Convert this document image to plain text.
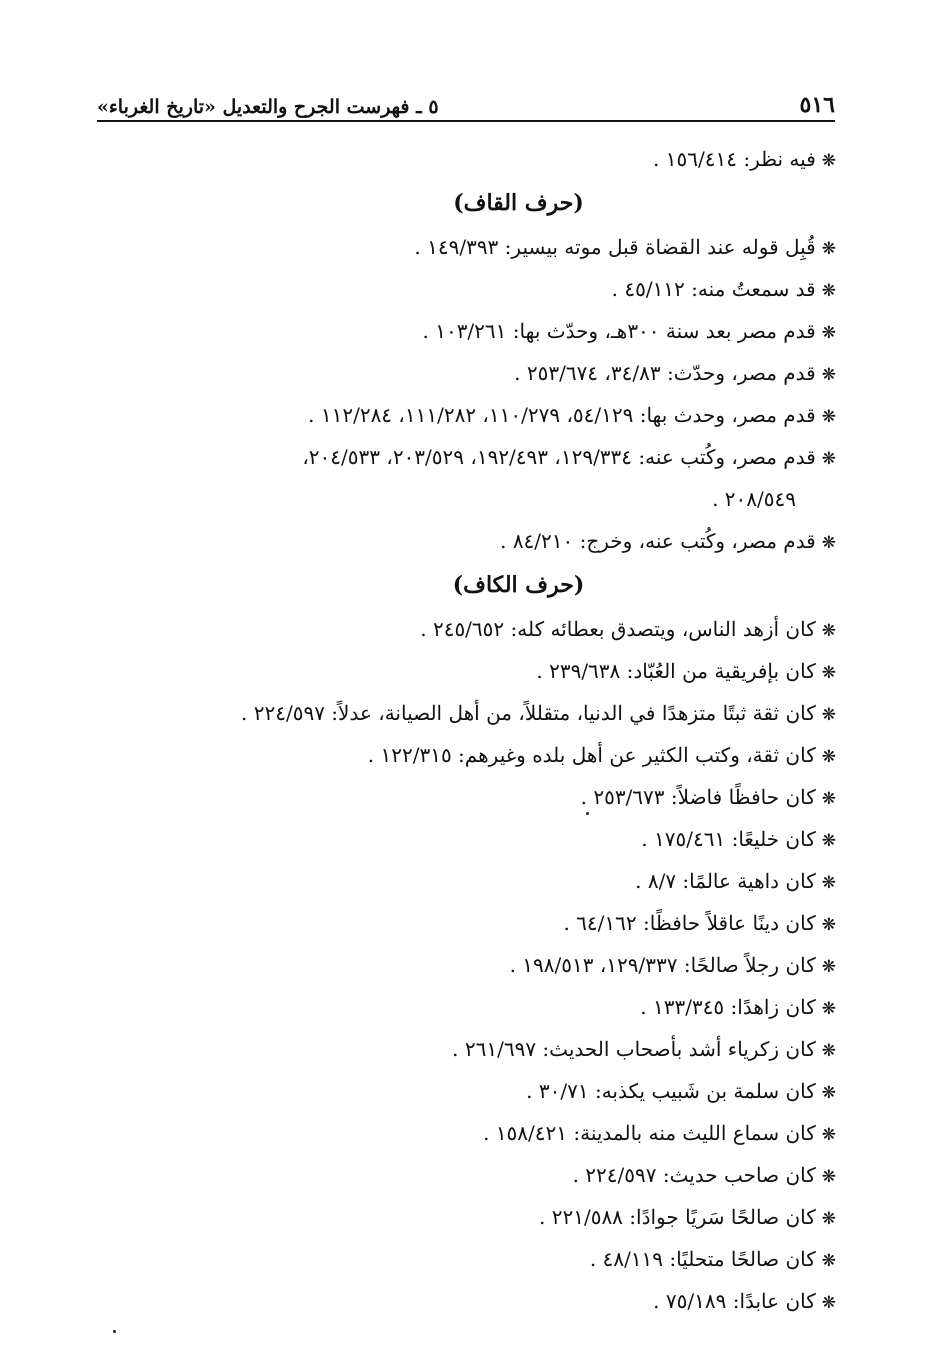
٥١٦
٥ ـ فهرست الجرح والتعديل «تاريخ الغرباء»
❋فيه نظر: ١٥٦/٤١٤ .
(حرف القاف)
❋قُبِل قوله عند القضاة قبل موته بيسير: ١٤٩/٣٩٣ .
❋قد سمعتُ منه: ٤٥/١١٢ .
❋قدم مصر بعد سنة ٣٠٠هـ، وحدّث بها: ١٠٣/٢٦١ .
❋قدم مصر، وحدّث: ٣٤/٨٣، ٢٥٣/٦٧٤ .
❋قدم مصر، وحدث بها: ٥٤/١٢٩، ١١٠/٢٧٩، ١١١/٢٨٢، ١١٢/٢٨٤ .
❋قدم مصر، وكُتب عنه: ١٢٩/٣٣٤، ١٩٢/٤٩٣، ٢٠٣/٥٢٩، ٢٠٤/٥٣٣،
٢٠٨/٥٤٩ .
❋قدم مصر، وكُتب عنه، وخرج: ٨٤/٢١٠ .
(حرف الكاف)
❋كان أزهد الناس، ويتصدق بعطائه كله: ٢٤٥/٦٥٢ .
❋كان بإفريقية من العُبّاد: ٢٣٩/٦٣٨ .
❋كان ثقة ثبتًا متزهدًا في الدنيا، متقللاً، من أهل الصيانة، عدلاً: ٢٢٤/٥٩٧ .
❋كان ثقة، وكتب الكثير عن أهل بلده وغيرهم: ١٢٢/٣١٥ .
❋كان حافظًا فاضلاً: ٢٥٣/٦٧٣ .
❋كان خليعًا: ١٧٥/٤٦١ .
❋كان داهية عالمًا: ٨/٧ .
❋كان دينًا عاقلاً حافظًا: ٦٤/١٦٢ .
❋كان رجلاً صالحًا: ١٢٩/٣٣٧، ١٩٨/٥١٣ .
❋كان زاهدًا: ١٣٣/٣٤٥ .
❋كان زكرياء أشد بأصحاب الحديث: ٢٦١/٦٩٧ .
❋كان سلمة بن شَبيب يكذبه: ٣٠/٧١ .
❋كان سماع الليث منه بالمدينة: ١٥٨/٤٢١ .
❋كان صاحب حديث: ٢٢٤/٥٩٧ .
❋كان صالحًا سَريًا جوادًا: ٢٢١/٥٨٨ .
❋كان صالحًا متحليًا: ٤٨/١١٩ .
❋كان عابدًا: ٧٥/١٨٩ .
